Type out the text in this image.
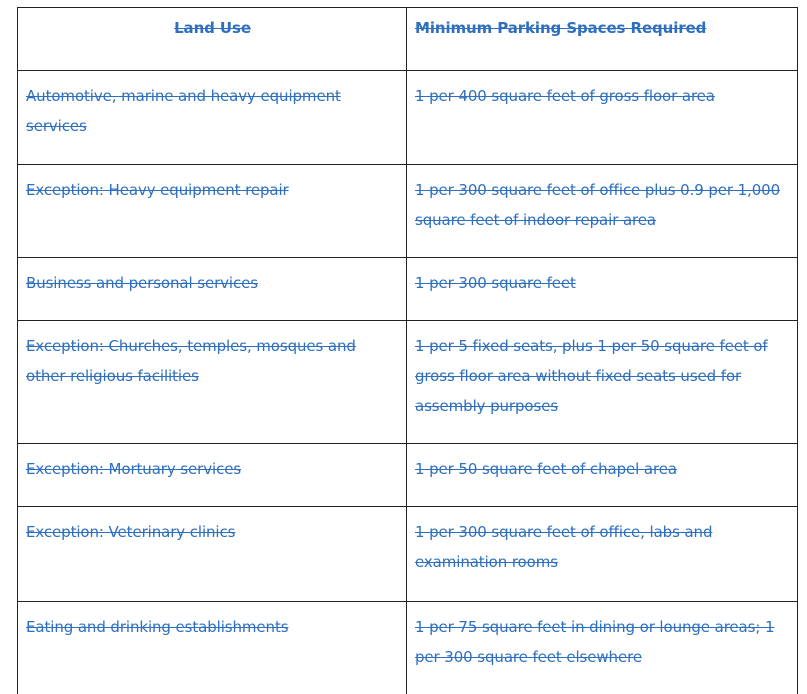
Land Use	Minimum Parking Spaces Required
Automotive, marine and heavy equipment services	1 per 400 square feet of gross floor area
Exception: Heavy equipment repair	1 per 300 square feet of office plus 0.9 per 1,000 square feet of indoor repair area
Business and personal services	1 per 300 square feet
Exception: Churches, temples, mosques and other religious facilities	1 per 5 fixed seats, plus 1 per 50 square feet of gross floor area without fixed seats used for assembly purposes
Exception: Mortuary services	1 per 50 square feet of chapel area
Exception: Veterinary clinics	1 per 300 square feet of office, labs and examination rooms
Eating and drinking establishments	1 per 75 square feet in dining or lounge areas; 1 per 300 square feet elsewhere
